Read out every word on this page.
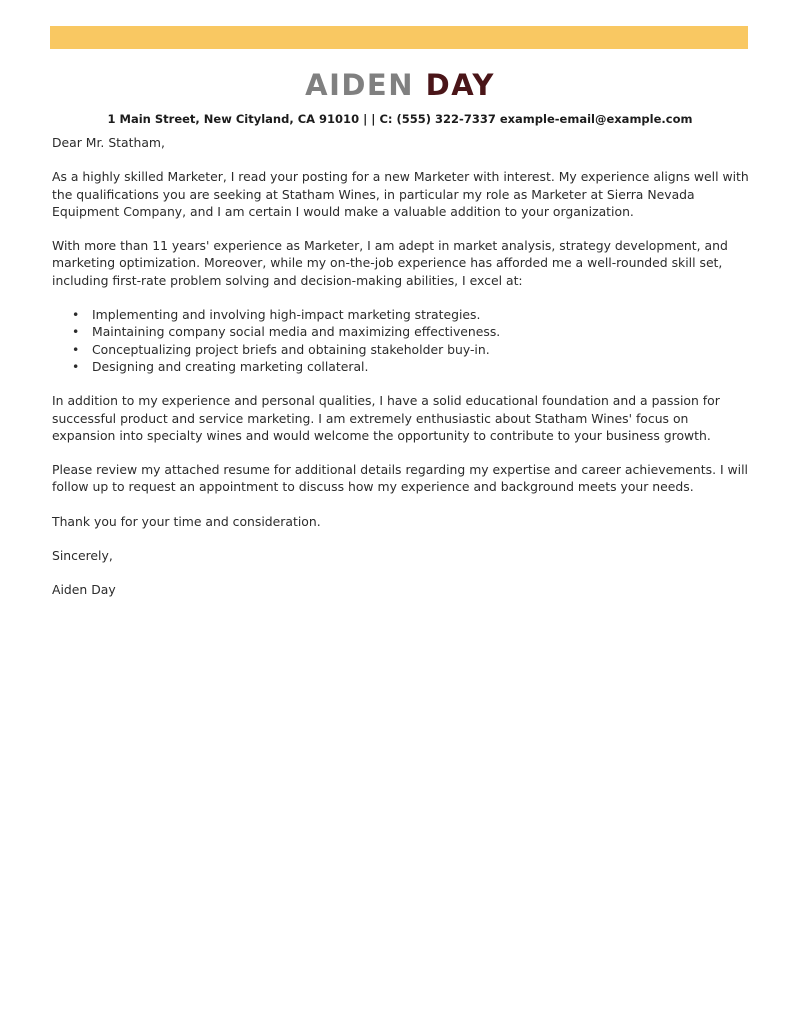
AIDEN DAY
1 Main Street, New Cityland, CA 91010 | | C: (555) 322-7337 example-email@example.com

Dear Mr. Statham,

As a highly skilled Marketer, I read your posting for a new Marketer with interest. My experience aligns well with the qualifications you are seeking at Statham Wines, in particular my role as Marketer at Sierra Nevada Equipment Company, and I am certain I would make a valuable addition to your organization.

With more than 11 years' experience as Marketer, I am adept in market analysis, strategy development, and marketing optimization. Moreover, while my on-the-job experience has afforded me a well-rounded skill set, including first-rate problem solving and decision-making abilities, I excel at:

• Implementing and involving high-impact marketing strategies.
• Maintaining company social media and maximizing effectiveness.
• Conceptualizing project briefs and obtaining stakeholder buy-in.
• Designing and creating marketing collateral.

In addition to my experience and personal qualities, I have a solid educational foundation and a passion for successful product and service marketing. I am extremely enthusiastic about Statham Wines' focus on expansion into specialty wines and would welcome the opportunity to contribute to your business growth.

Please review my attached resume for additional details regarding my expertise and career achievements. I will follow up to request an appointment to discuss how my experience and background meets your needs.

Thank you for your time and consideration.

Sincerely,

Aiden Day
